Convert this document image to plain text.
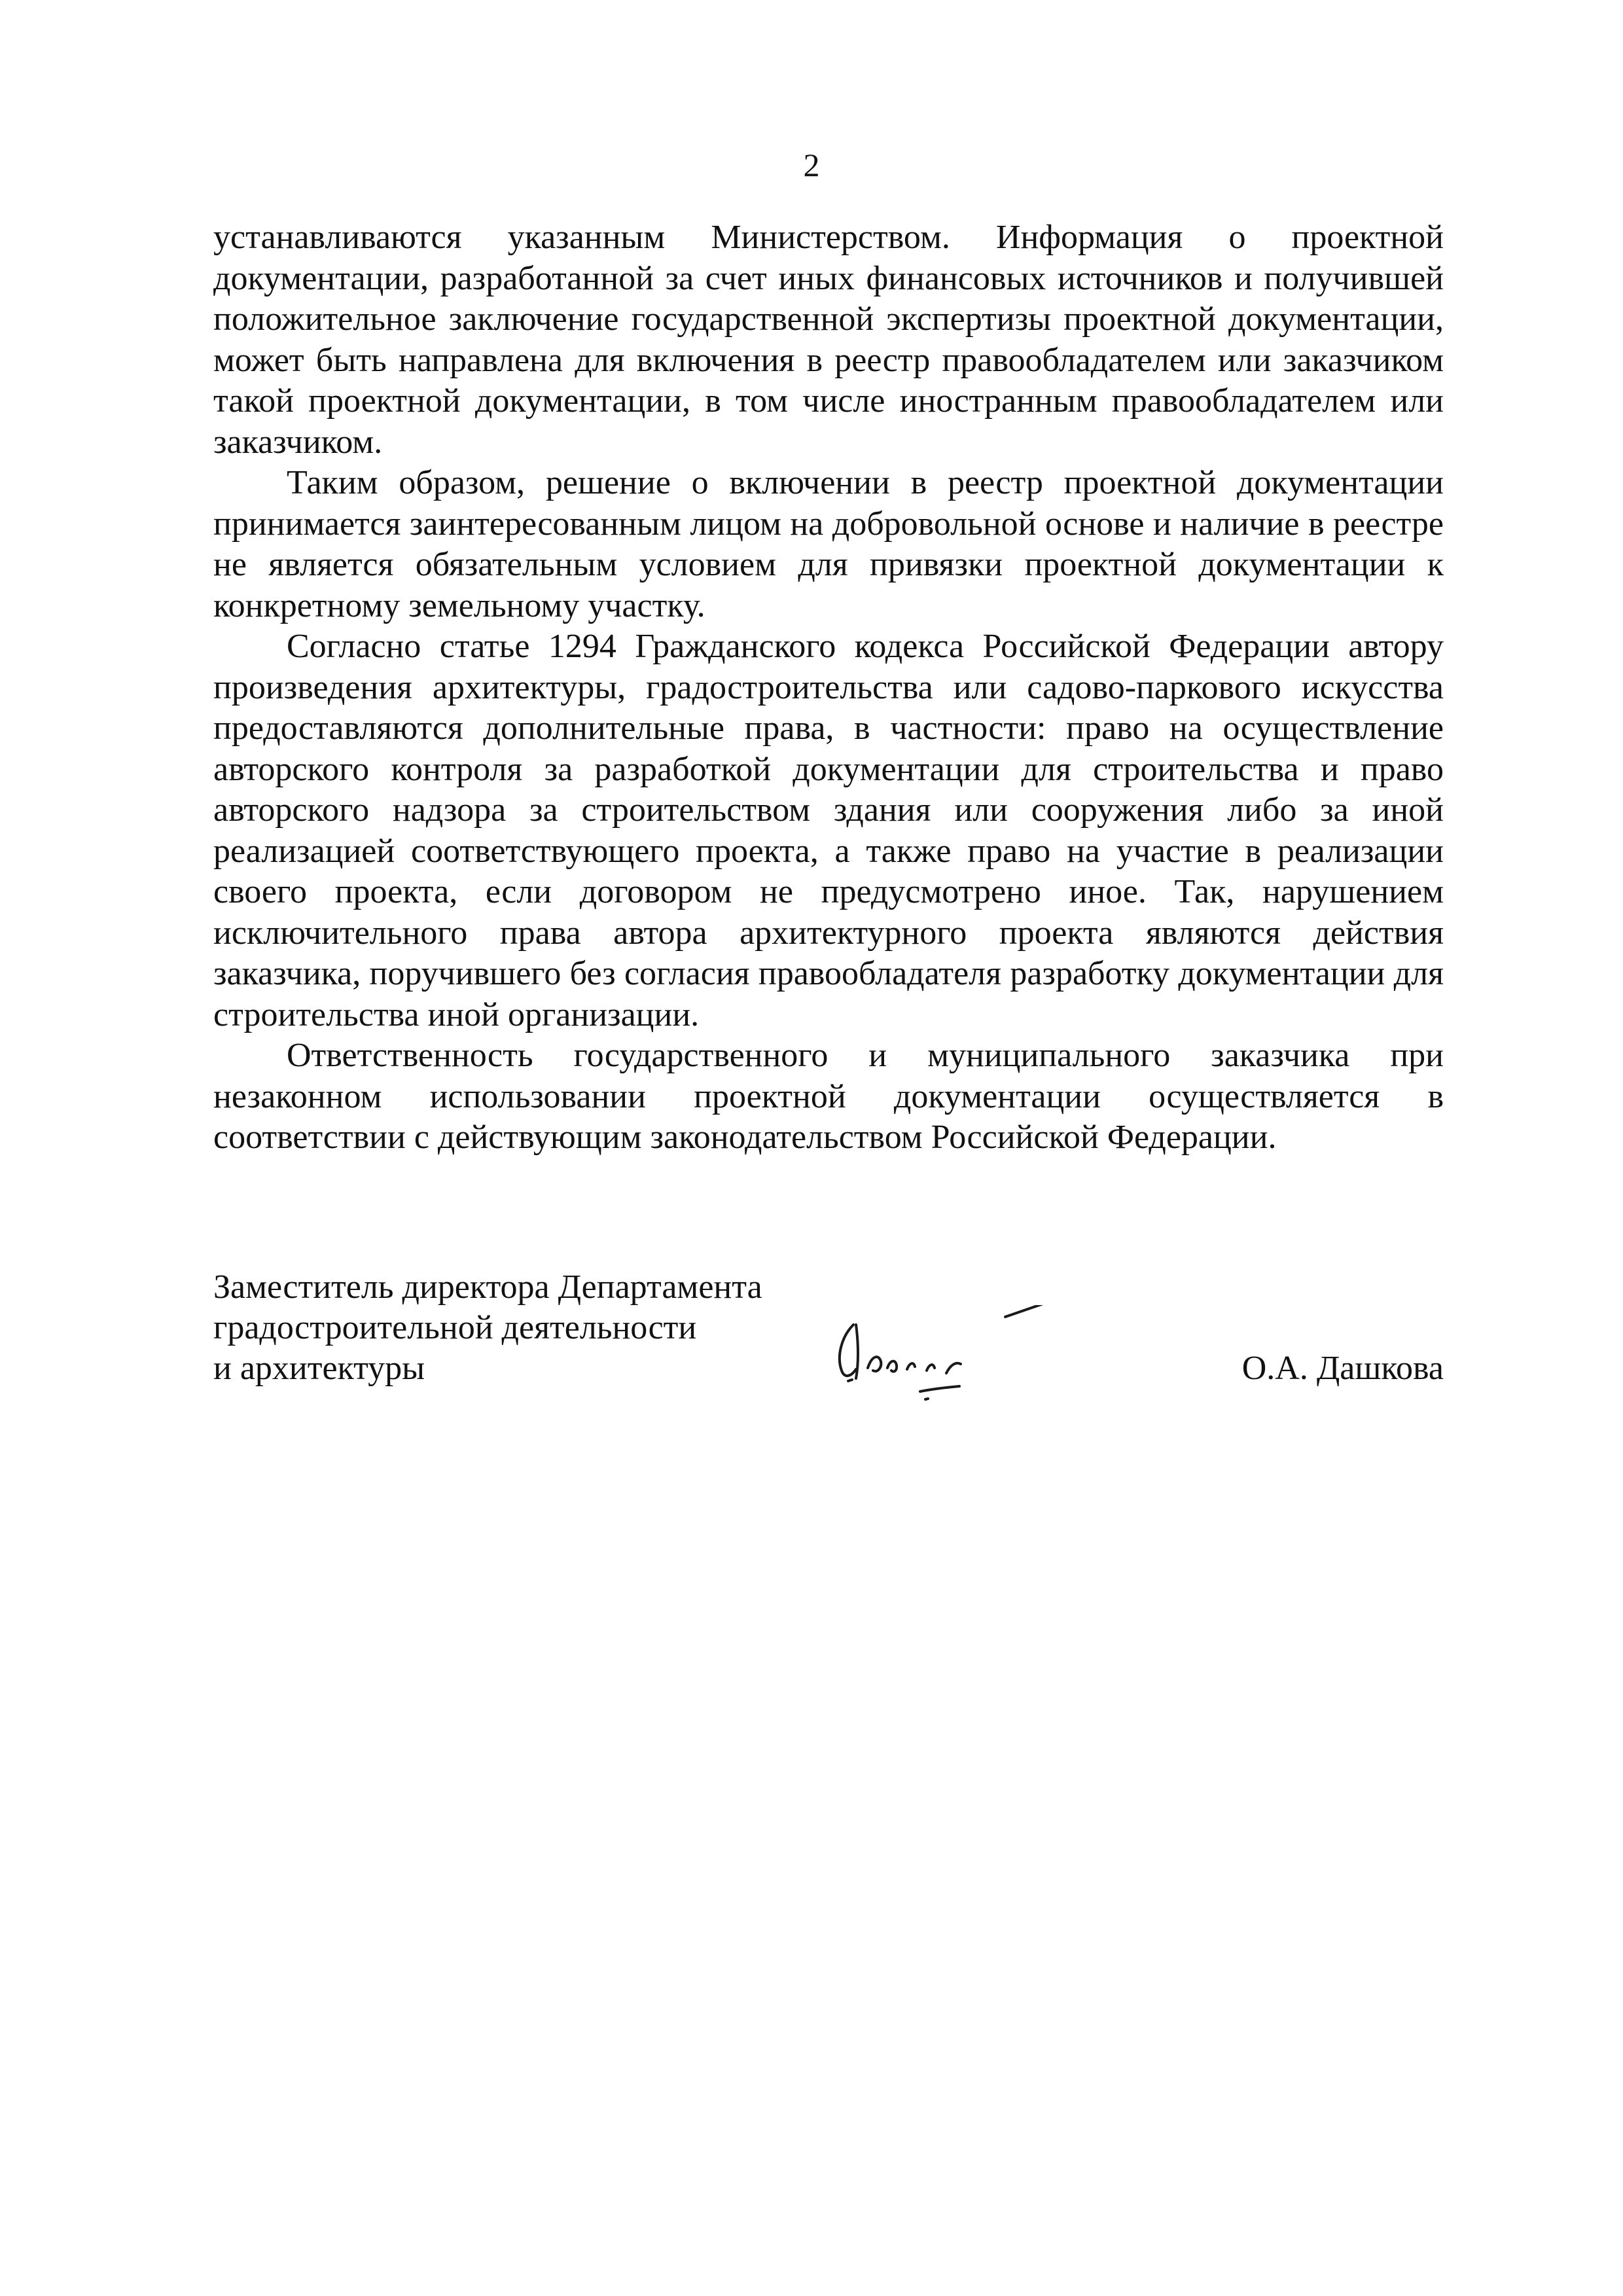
2

устанавливаются указанным Министерством. Информация о проектной документации, разработанной за счет иных финансовых источников и получившей положительное заключение государственной экспертизы проектной документации, может быть направлена для включения в реестр правообладателем или заказчиком такой проектной документации, в том числе иностранным правообладателем или заказчиком.

Таким образом, решение о включении в реестр проектной документации принимается заинтересованным лицом на добровольной основе и наличие в реестре не является обязательным условием для привязки проектной документации к конкретному земельному участку.

Согласно статье 1294 Гражданского кодекса Российской Федерации автору произведения архитектуры, градостроительства или садово-паркового искусства предоставляются дополнительные права, в частности: право на осуществление авторского контроля за разработкой документации для строительства и право авторского надзора за строительством здания или сооружения либо за иной реализацией соответствующего проекта, а также право на участие в реализации своего проекта, если договором не предусмотрено иное. Так, нарушением исключительного права автора архитектурного проекта являются действия заказчика, поручившего без согласия правообладателя разработку документации для строительства иной организации.

Ответственность государственного и муниципального заказчика при незаконном использовании проектной документации осуществляется в соответствии с действующим законодательством Российской Федерации.

Заместитель директора Департамента
градостроительной деятельности
и архитектуры	О.А. Дашкова
